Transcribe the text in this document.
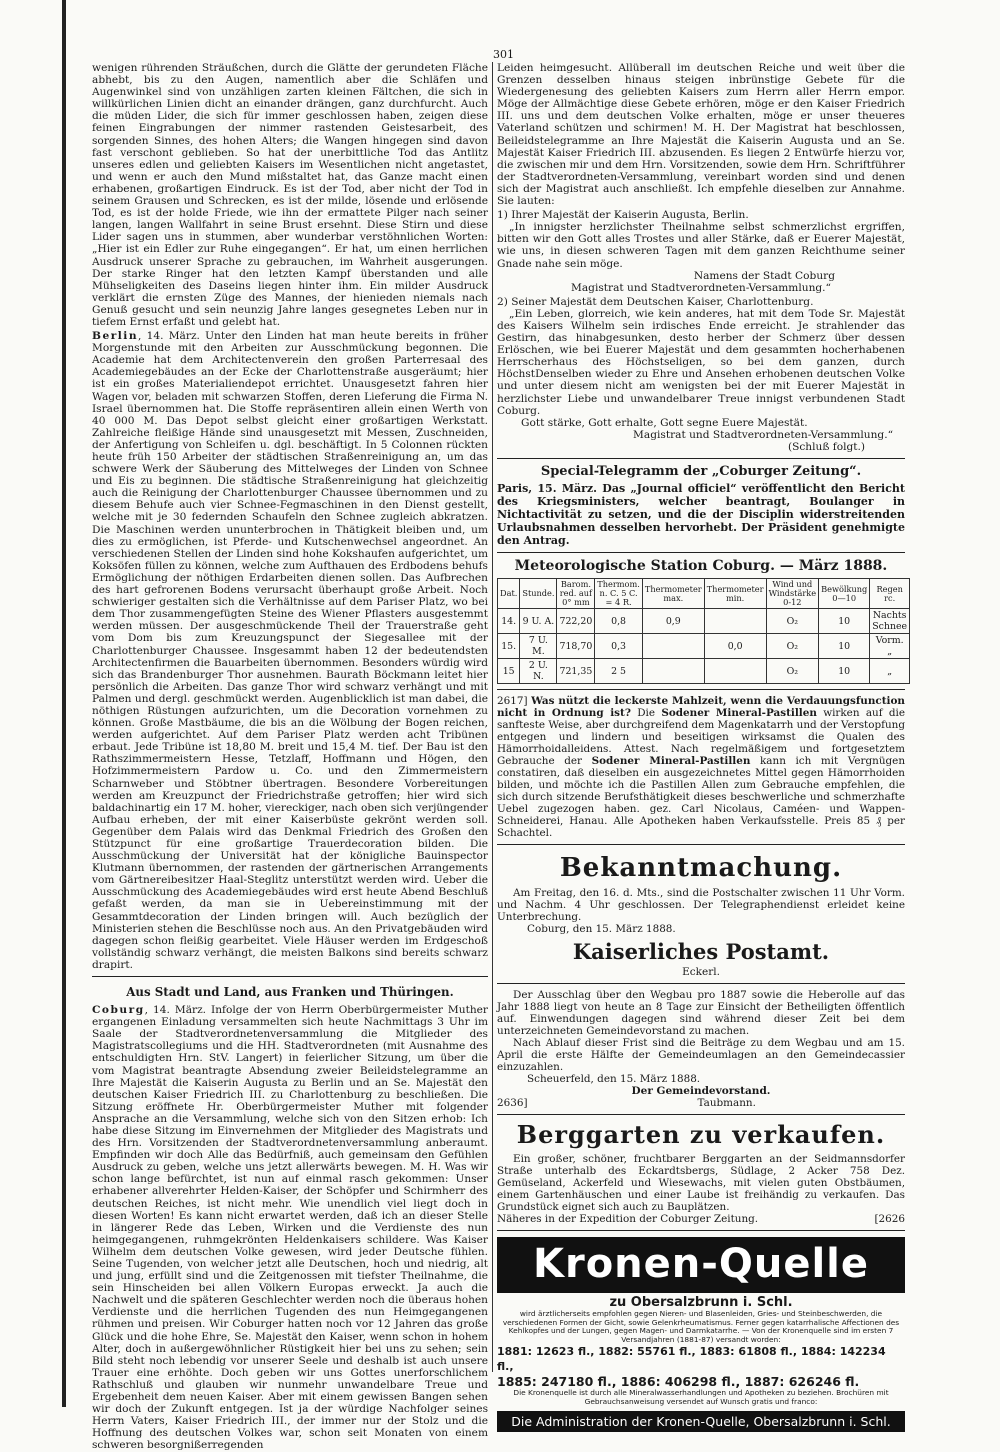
301

wenigen rührenden Sträußchen, durch die Glätte der gerundeten Fläche abhebt, bis zu den Augen, namentlich aber die Schläfen und Augenwinkel sind von unzähligen zarten kleinen Fältchen, die sich in willkürlichen Linien dicht an einander drängen, ganz durchfurcht. Auch die müden Lider, die sich für immer geschlossen haben, zeigen diese feinen Eingrabungen der nimmer rastenden Geistesarbeit, des sorgenden Sinnes, des hohen Alters; die Wangen hingegen sind davon fast verschont geblieben. So hat der unerbittliche Tod das Antlitz unseres edlen und geliebten Kaisers im Wesentlichen nicht angetastet, und wenn er auch den Mund mißstaltet hat, das Ganze macht einen erhabenen, großartigen Eindruck. Es ist der Tod, aber nicht der Tod in seinem Grausen und Schrecken, es ist der milde, lösende und erlösende Tod, es ist der holde Friede, wie ihn der ermattete Pilger nach seiner langen, langen Wallfahrt in seine Brust ersehnt. Diese Stirn und diese Lider sagen uns in stummen, aber wunderbar verstöhnlichen Worten: „Hier ist ein Edler zur Ruhe eingegangen“. Er hat, um einen herrlichen Ausdruck unserer Sprache zu gebrauchen, im Wahrheit ausgerungen. Der starke Ringer hat den letzten Kampf überstanden und alle Mühseligkeiten des Daseins liegen hinter ihm. Ein milder Ausdruck verklärt die ernsten Züge des Mannes, der hienieden niemals nach Genuß gesucht und sein neunzig Jahre langes gesegnetes Leben nur in tiefem Ernst erfaßt und gelebt hat.

Berlin, 14. März. Unter den Linden hat man heute bereits in früher Morgenstunde mit den Arbeiten zur Ausschmückung begonnen. Die Academie hat dem Architectenverein den großen Parterresaal des Academiegebäudes an der Ecke der Charlottenstraße ausgeräumt; hier ist ein großes Materialiendepot errichtet. Unausgesetzt fahren hier Wagen vor, beladen mit schwarzen Stoffen, deren Lieferung die Firma N. Israel übernommen hat. Die Stoffe repräsentiren allein einen Werth von 40 000 M. Das Depot selbst gleicht einer großartigen Werkstatt. Zahlreiche fleißige Hände sind unausgesetzt mit Messen, Zuschneiden, der Anfertigung von Schleifen u. dgl. beschäftigt. In 5 Colonnen rückten heute früh 150 Arbeiter der städtischen Straßenreinigung an, um das schwere Werk der Säuberung des Mittelweges der Linden von Schnee und Eis zu beginnen. Die städtische Straßenreinigung hat gleichzeitig auch die Reinigung der Charlottenburger Chaussee übernommen und zu diesem Behufe auch vier Schnee-Fegmaschinen in den Dienst gestellt, welche mit je 30 federnden Schaufeln den Schnee zugleich abkratzen. Die Maschinen werden ununterbrochen in Thätigkeit bleiben und, um dies zu ermöglichen, ist Pferde- und Kutschenwechsel angeordnet. An verschiedenen Stellen der Linden sind hohe Kokshaufen aufgerichtet, um Koksöfen füllen zu können, welche zum Aufthauen des Erdbodens behufs Ermöglichung der nöthigen Erdarbeiten dienen sollen. Das Aufbrechen des hart gefrorenen Bodens verursacht überhaupt große Arbeit. Noch schwieriger gestalten sich die Verhältnisse auf dem Pariser Platz, wo bei dem Thor zusammengefügten Steine des Wiener Pflasters ausgestemmt werden müssen. Der ausgeschmückende Theil der Trauerstraße geht vom Dom bis zum Kreuzungspunct der Siegesallee mit der Charlottenburger Chaussee. Insgesammt haben 12 der bedeutendsten Architectenfirmen die Bauarbeiten übernommen. Besonders würdig wird sich das Brandenburger Thor ausnehmen. Baurath Böckmann leitet hier persönlich die Arbeiten. Das ganze Thor wird schwarz verhängt und mit Palmen und dergl. geschmückt werden. Augenblicklich ist man dabei, die nöthigen Rüstungen aufzurichten, um die Decoration vornehmen zu können. Große Mastbäume, die bis an die Wölbung der Bogen reichen, werden aufgerichtet. Auf dem Pariser Platz werden acht Tribünen erbaut. Jede Tribüne ist 18,80 M. breit und 15,4 M. tief. Der Bau ist den Rathszimmermeistern Hesse, Tetzlaff, Hoffmann und Högen, den Hofzimmermeistern Pardow u. Co. und den Zimmermeistern Scharnweber und Stöbtner übertragen. Besondere Vorbereitungen werden am Kreuzpunct der Friedrichstraße getroffen; hier wird sich baldachinartig ein 17 M. hoher, viereckiger, nach oben sich verjüngender Aufbau erheben, der mit einer Kaiserbüste gekrönt werden soll. Gegenüber dem Palais wird das Denkmal Friedrich des Großen den Stützpunct für eine großartige Trauerdecoration bilden. Die Ausschmückung der Universität hat der königliche Bauinspector Klutmann übernommen, der rastenden der gärtnerischen Arrangements vom Gärtnereibesitzer Haal-Steglitz unterstützt werden wird. Ueber die Ausschmückung des Academiegebäudes wird erst heute Abend Beschluß gefaßt werden, da man sie in Uebereinstimmung mit der Gesammtdecoration der Linden bringen will. Auch bezüglich der Ministerien stehen die Beschlüsse noch aus. An den Privatgebäuden wird dagegen schon fleißig gearbeitet. Viele Häuser werden im Erdgeschoß vollständig schwarz verhängt, die meisten Balkons sind bereits schwarz drapirt.

Aus Stadt und Land, aus Franken und Thüringen.

Coburg, 14. März. Infolge der von Herrn Oberbürgermeister Muther ergangenen Einladung versammelten sich heute Nachmittags 3 Uhr im Saale der Stadtverordnetenversammlung die Mitglieder des Magistratscollegiums und die HH. Stadtverordneten (mit Ausnahme des entschuldigten Hrn. StV. Langert) in feierlicher Sitzung, um über die vom Magistrat beantragte Absendung zweier Beileidstelegramme an Ihre Majestät die Kaiserin Augusta zu Berlin und an Se. Majestät den deutschen Kaiser Friedrich III. zu Charlottenburg zu beschließen. Die Sitzung eröffnete Hr. Oberbürgermeister Muther mit folgender Ansprache an die Versammlung, welche sich von den Sitzen erhob: Ich habe diese Sitzung im Einvernehmen der Mitglieder des Magistrats und des Hrn. Vorsitzenden der Stadtverordnetenversammlung anberaumt. Empfinden wir doch Alle das Bedürfniß, auch gemeinsam den Gefühlen Ausdruck zu geben, welche uns jetzt allerwärts bewegen. M. H. Was wir schon lange befürchtet, ist nun auf einmal rasch gekommen: Unser erhabener allverehrter Helden-Kaiser, der Schöpfer und Schirmherr des deutschen Reiches, ist nicht mehr. Wie unendlich viel liegt doch in diesen Worten! Es kann nicht erwartet werden, daß ich an dieser Stelle in längerer Rede das Leben, Wirken und die Verdienste des nun heimgegangenen, ruhmgekrönten Heldenkaisers schildere. Was Kaiser Wilhelm dem deutschen Volke gewesen, wird jeder Deutsche fühlen. Seine Tugenden, von welcher jetzt alle Deutschen, hoch und niedrig, alt und jung, erfüllt sind und die Zeitgenossen mit tiefster Theilnahme, die sein Hinscheiden bei allen Völkern Europas erweckt. Ja auch die Nachwelt und die späteren Geschlechter werden noch die überaus hohen Verdienste und die herrlichen Tugenden des nun Heimgegangenen rühmen und preisen. Wir Coburger hatten noch vor 12 Jahren das große Glück und die hohe Ehre, Se. Majestät den Kaiser, wenn schon in hohem Alter, doch in außergewöhnlicher Rüstigkeit hier bei uns zu sehen; sein Bild steht noch lebendig vor unserer Seele und deshalb ist auch unsere Trauer eine erhöhte. Doch geben wir uns Gottes unerforschlichem Rathschluß und glauben wir nunmehr unwandelbare Treue und Ergebenheit dem neuen Kaiser. Aber mit einem gewissen Bangen sehen wir doch der Zukunft entgegen. Ist ja der würdige Nachfolger seines Herrn Vaters, Kaiser Friedrich III., der immer nur der Stolz und die Hoffnung des deutschen Volkes war, schon seit Monaten von einem schweren besorgnißerregenden

Leiden heimgesucht. Allüberall im deutschen Reiche und weit über die Grenzen desselben hinaus steigen inbrünstige Gebete für die Wiedergenesung des geliebten Kaisers zum Herrn aller Herrn empor. Möge der Allmächtige diese Gebete erhören, möge er den Kaiser Friedrich III. uns und dem deutschen Volke erhalten, möge er unser theueres Vaterland schützen und schirmen! M. H. Der Magistrat hat beschlossen, Beileidstelegramme an Ihre Majestät die Kaiserin Augusta und an Se. Majestät Kaiser Friedrich III. abzusenden. Es liegen 2 Entwürfe hierzu vor, die zwischen mir und dem Hrn. Vorsitzenden, sowie dem Hrn. Schriftführer der Stadtverordneten-Versammlung, vereinbart worden sind und denen sich der Magistrat auch anschließt. Ich empfehle dieselben zur Annahme. Sie lauten:

1) Ihrer Majestät der Kaiserin Augusta, Berlin.

„In innigster herzlichster Theilnahme selbst schmerzlichst ergriffen, bitten wir den Gott alles Trostes und aller Stärke, daß er Euerer Majestät, wie uns, in diesen schweren Tagen mit dem ganzen Reichthume seiner Gnade nahe sein möge.

Namens der Stadt Coburg

Magistrat und Stadtverordneten-Versammlung.“

2) Seiner Majestät dem Deutschen Kaiser, Charlottenburg.

„Ein Leben, glorreich, wie kein anderes, hat mit dem Tode Sr. Majestät des Kaisers Wilhelm sein irdisches Ende erreicht. Je strahlender das Gestirn, das hinabgesunken, desto herber der Schmerz über dessen Erlöschen, wie bei Euerer Majestät und dem gesammten hocherhabenen Herrscherhaus des Höchstseligen, so bei dem ganzen, durch HöchstDenselben wieder zu Ehre und Ansehen erhobenen deutschen Volke und unter diesem nicht am wenigsten bei der mit Euerer Majestät in herzlichster Liebe und unwandelbarer Treue innigst verbundenen Stadt Coburg.

Gott stärke, Gott erhalte, Gott segne Euere Majestät.

Magistrat und Stadtverordneten-Versammlung.“

(Schluß folgt.)

Special-Telegramm der „Coburger Zeitung“.

Paris, 15. März. Das „Journal officiel“ veröffentlicht den Bericht des Kriegsministers, welcher beantragt, Boulanger in Nichtactivität zu setzen, und die der Disciplin widerstreitenden Urlaubsnahmen desselben hervorhebt. Der Präsident genehmigte den Antrag.

Meteorologische Station Coburg. — März 1888.
Dat.	Stunde.	Barom. red. auf 0° mm	Thermom. n. C. 5 C. = 4 R.	Thermometer max.	Thermometer min.	Wind und Windstärke 0-12	Bewölkung 0—10	Regen rc.
14.	9 U. A.	722,20	0,8	0,9		O₂	10	Nachts Schnee
15.	7 U. M.	718,70	0,3		0,0	O₂	10	Vorm. „
15	2 U. N.	721,35	2 5			O₂	10	„

2617] Was nützt die leckerste Mahlzeit, wenn die Verdauungsfunction nicht in Ordnung ist? Die Sodener Mineral-Pastillen wirken auf die sanfteste Weise, aber durchgreifend dem Magenkatarrh und der Verstopfung entgegen und lindern und beseitigen wirksamst die Qualen des Hämorrhoidalleidens. Attest. Nach regelmäßigem und fortgesetztem Gebrauche der Sodener Mineral-Pastillen kann ich mit Vergnügen constatiren, daß dieselben ein ausgezeichnetes Mittel gegen Hämorrhoiden bilden, und möchte ich die Pastillen Allen zum Gebrauche empfehlen, die sich durch sitzende Berufsthätigkeit dieses beschwerliche und schmerzhafte Uebel zugezogen haben. gez. Carl Nicolaus, Caméen- und Wappen-Schneiderei, Hanau. Alle Apotheken haben Verkaufsstelle. Preis 85 ₰ per Schachtel.

Bekanntmachung.

Am Freitag, den 16. d. Mts., sind die Postschalter zwischen 11 Uhr Vorm. und Nachm. 4 Uhr geschlossen. Der Telegraphendienst erleidet keine Unterbrechung.

Coburg, den 15. März 1888.

Kaiserliches Postamt.
Eckerl.

Der Ausschlag über den Wegbau pro 1887 sowie die Heberolle auf das Jahr 1888 liegt von heute an 8 Tage zur Einsicht der Betheiligten öffentlich auf. Einwendungen dagegen sind während dieser Zeit bei dem unterzeichneten Gemeindevorstand zu machen.

Nach Ablauf dieser Frist sind die Beiträge zu dem Wegbau und am 15. April die erste Hälfte der Gemeindeumlagen an den Gemeindecassier einzuzahlen.

Scheuerfeld, den 15. März 1888.

Der Gemeindevorstand.

2636]	Taubmann.

Berggarten zu verkaufen.

Ein großer, schöner, fruchtbarer Berggarten an der Seidmannsdorfer Straße unterhalb des Eckardtsbergs, Südlage, 2 Acker 758 Dez. Gemüseland, Ackerfeld und Wiesewachs, mit vielen guten Obstbäumen, einem Gartenhäuschen und einer Laube ist freihändig zu verkaufen. Das Grundstück eignet sich auch zu Bauplätzen.

Näheres in der Expedition der Coburger Zeitung.	[2626

Kronen-Quelle
zu Obersalzbrunn i. Schl.
wird ärztlicherseits empfohlen gegen Nieren- und Blasenleiden, Gries- und Steinbeschwerden, die verschiedenen Formen der Gicht, sowie Gelenkrheumatismus. Ferner gegen katarrhalische Affectionen des Kehlkopfes und der Lungen, gegen Magen- und Darmkatarrhe. — Von der Kronenquelle sind im ersten 7 Versandjahren (1881-87) versandt worden:
1881: 12623 fl., 1882: 55761 fl., 1883: 61808 fl., 1884: 142234 fl.,
1885: 247180 fl., 1886: 406298 fl., 1887: 626246 fl.
Die Kronenquelle ist durch alle Mineralwasserhandlungen und Apotheken zu beziehen. Brochüren mit Gebrauchsanweisung versendet auf Wunsch gratis und franco:
Die Administration der Kronen-Quelle, Obersalzbrunn i. Schl.
